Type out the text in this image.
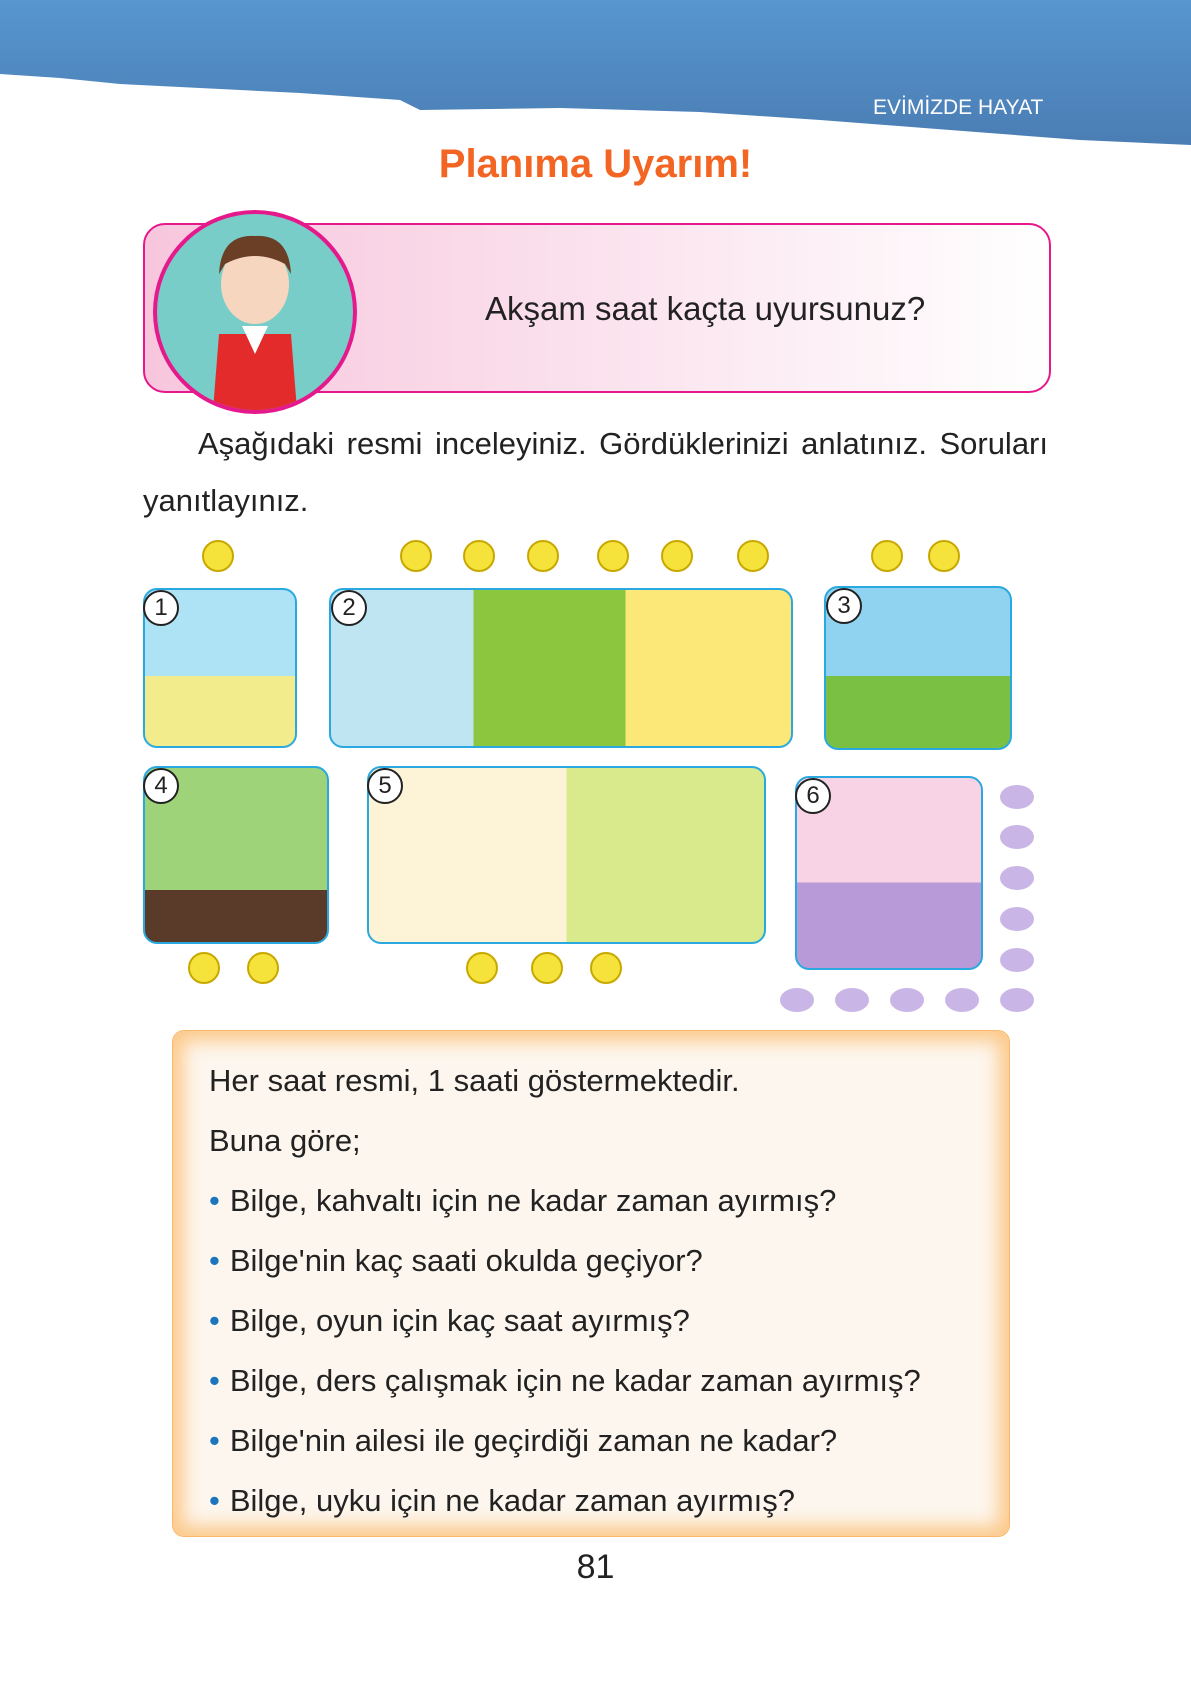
EVİMİZDE HAYAT
Planıma Uyarım!
Akşam saat kaçta uyursunuz?
Aşağıdaki resmi inceleyiniz. Gördüklerinizi anlatınız. Soruları yanıtlayınız.
1	2	3
4	5	6
Her saat resmi, 1 saati göstermektedir.
Buna göre;
• Bilge, kahvaltı için ne kadar zaman ayırmış?
• Bilge'nin kaç saati okulda geçiyor?
• Bilge, oyun için kaç saat ayırmış?
• Bilge, ders çalışmak için ne kadar zaman ayırmış?
• Bilge'nin ailesi ile geçirdiği zaman ne kadar?
• Bilge, uyku için ne kadar zaman ayırmış?
81
